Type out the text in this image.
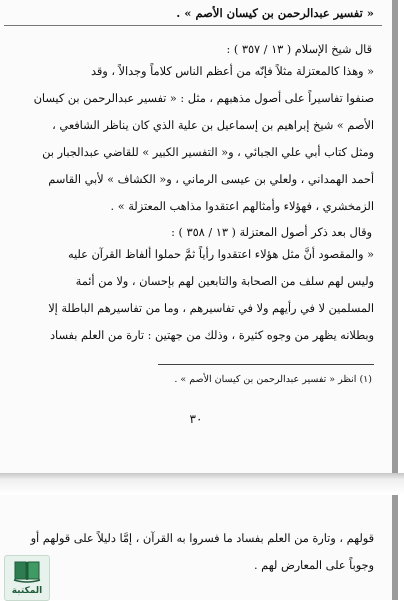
« تفسير عبدالرحمن بن كيسان الأصم » .
قال شيخ الإسلام ( ١٣ / ٣٥٧ ) :
« وهذا كالمعتزلة مثلاً فإنّه من أعظم الناس كلاماً وجدالاً ، وقد
صنفوا تفاسيراً على أصول مذهبهم ، مثل : « تفسير عبدالرحمن بن كيسان
الأصم » شيخ إبراهيم بن إسماعيل بن علية الذي كان يناظر الشافعي ،
ومثل كتاب أبي علي الجبائي ، و« التفسير الكبير » للقاضي عبدالجبار بن
أحمد الهمداني ، ولعلي بن عيسى الرماني ، و« الكشاف » لأبي القاسم
الزمخشري ، فهؤلاء وأمثالهم اعتقدوا مذاهب المعتزلة » .
وقال بعد ذكر أصول المعتزلة ( ١٣ / ٣٥٨ ) :
« والمقصود أنَّ مثل هؤلاء اعتقدوا رأياً ثمَّ حملوا ألفاظ القرآن عليه
وليس لهم سلف من الصحابة والتابعين لهم بإحسان ، ولا من أئمة
المسلمين لا في رأيهم ولا في تفاسيرهم ، وما من تفاسيرهم الباطلة إلا
وبطلانه يظهر من وجوه كثيرة ، وذلك من جهتين : تارة من العلم بفساد
(١) انظر « تفسير عبدالرحمن بن كيسان الأصم » .
٣٠
قولهم ، وتارة من العلم بفساد ما فسروا به القرآن ، إمَّا دليلاً على قولهم أو
وجوباً على المعارض لهم .
المكتبة
